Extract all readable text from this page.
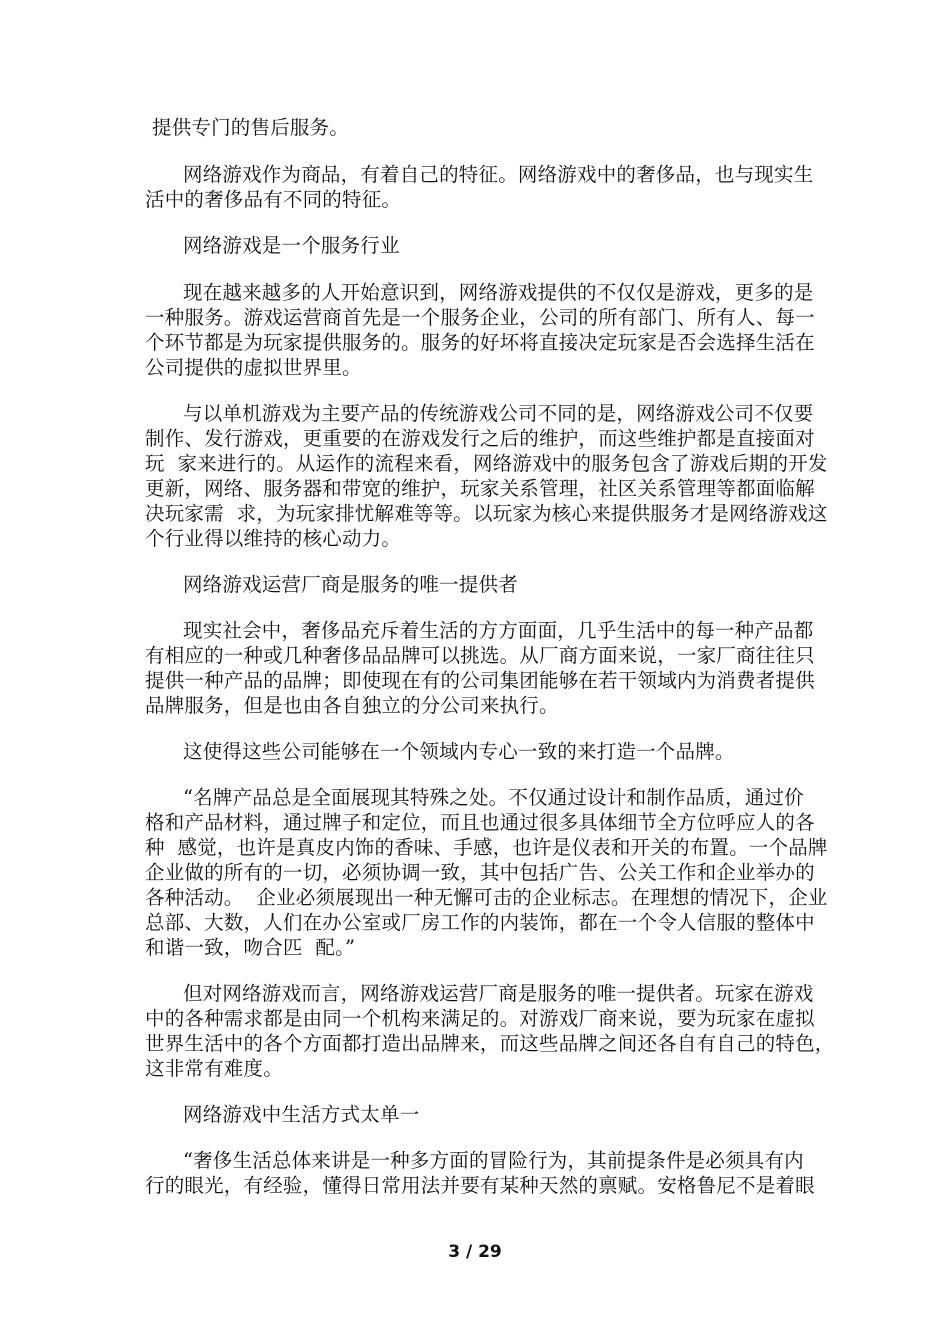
提供专门的售后服务。
网络游戏作为商品，有着自己的特征。网络游戏中的奢侈品，也与现实生
活中的奢侈品有不同的特征。
网络游戏是一个服务行业
现在越来越多的人开始意识到，网络游戏提供的不仅仅是游戏，更多的是
一种服务。游戏运营商首先是一个服务企业，公司的所有部门、所有人、每一
个环节都是为玩家提供服务的。服务的好坏将直接决定玩家是否会选择生活在
公司提供的虚拟世界里。
与以单机游戏为主要产品的传统游戏公司不同的是，网络游戏公司不仅要
制作、发行游戏，更重要的在游戏发行之后的维护，而这些维护都是直接面对
玩  家来进行的。从运作的流程来看，网络游戏中的服务包含了游戏后期的开发
更新，网络、服务器和带宽的维护，玩家关系管理，社区关系管理等都面临解
决玩家需  求，为玩家排忧解难等等。以玩家为核心来提供服务才是网络游戏这
个行业得以维持的核心动力。
网络游戏运营厂商是服务的唯一提供者
现实社会中，奢侈品充斥着生活的方方面面，几乎生活中的每一种产品都
有相应的一种或几种奢侈品品牌可以挑选。从厂商方面来说，一家厂商往往只
提供一种产品的品牌；即使现在有的公司集团能够在若干领域内为消费者提供
品牌服务，但是也由各自独立的分公司来执行。
这使得这些公司能够在一个领域内专心一致的来打造一个品牌。
“名牌产品总是全面展现其特殊之处。不仅通过设计和制作品质，通过价
格和产品材料，通过牌子和定位，而且也通过很多具体细节全方位呼应人的各
种  感觉，也许是真皮内饰的香味、手感，也许是仪表和开关的布置。一个品牌
企业做的所有的一切，必须协调一致，其中包括广告、公关工作和企业举办的
各种活动。  企业必须展现出一种无懈可击的企业标志。在理想的情况下，企业
总部、大数，人们在办公室或厂房工作的内装饰，都在一个令人信服的整体中
和谐一致，吻合匹  配。”
但对网络游戏而言，网络游戏运营厂商是服务的唯一提供者。玩家在游戏
中的各种需求都是由同一个机构来满足的。对游戏厂商来说，要为玩家在虚拟
世界生活中的各个方面都打造出品牌来，而这些品牌之间还各自有自己的特色，
这非常有难度。
网络游戏中生活方式太单一
“奢侈生活总体来讲是一种多方面的冒险行为，其前提条件是必须具有内
行的眼光，有经验，懂得日常用法并要有某种天然的禀赋。安格鲁尼不是着眼
3 / 29
